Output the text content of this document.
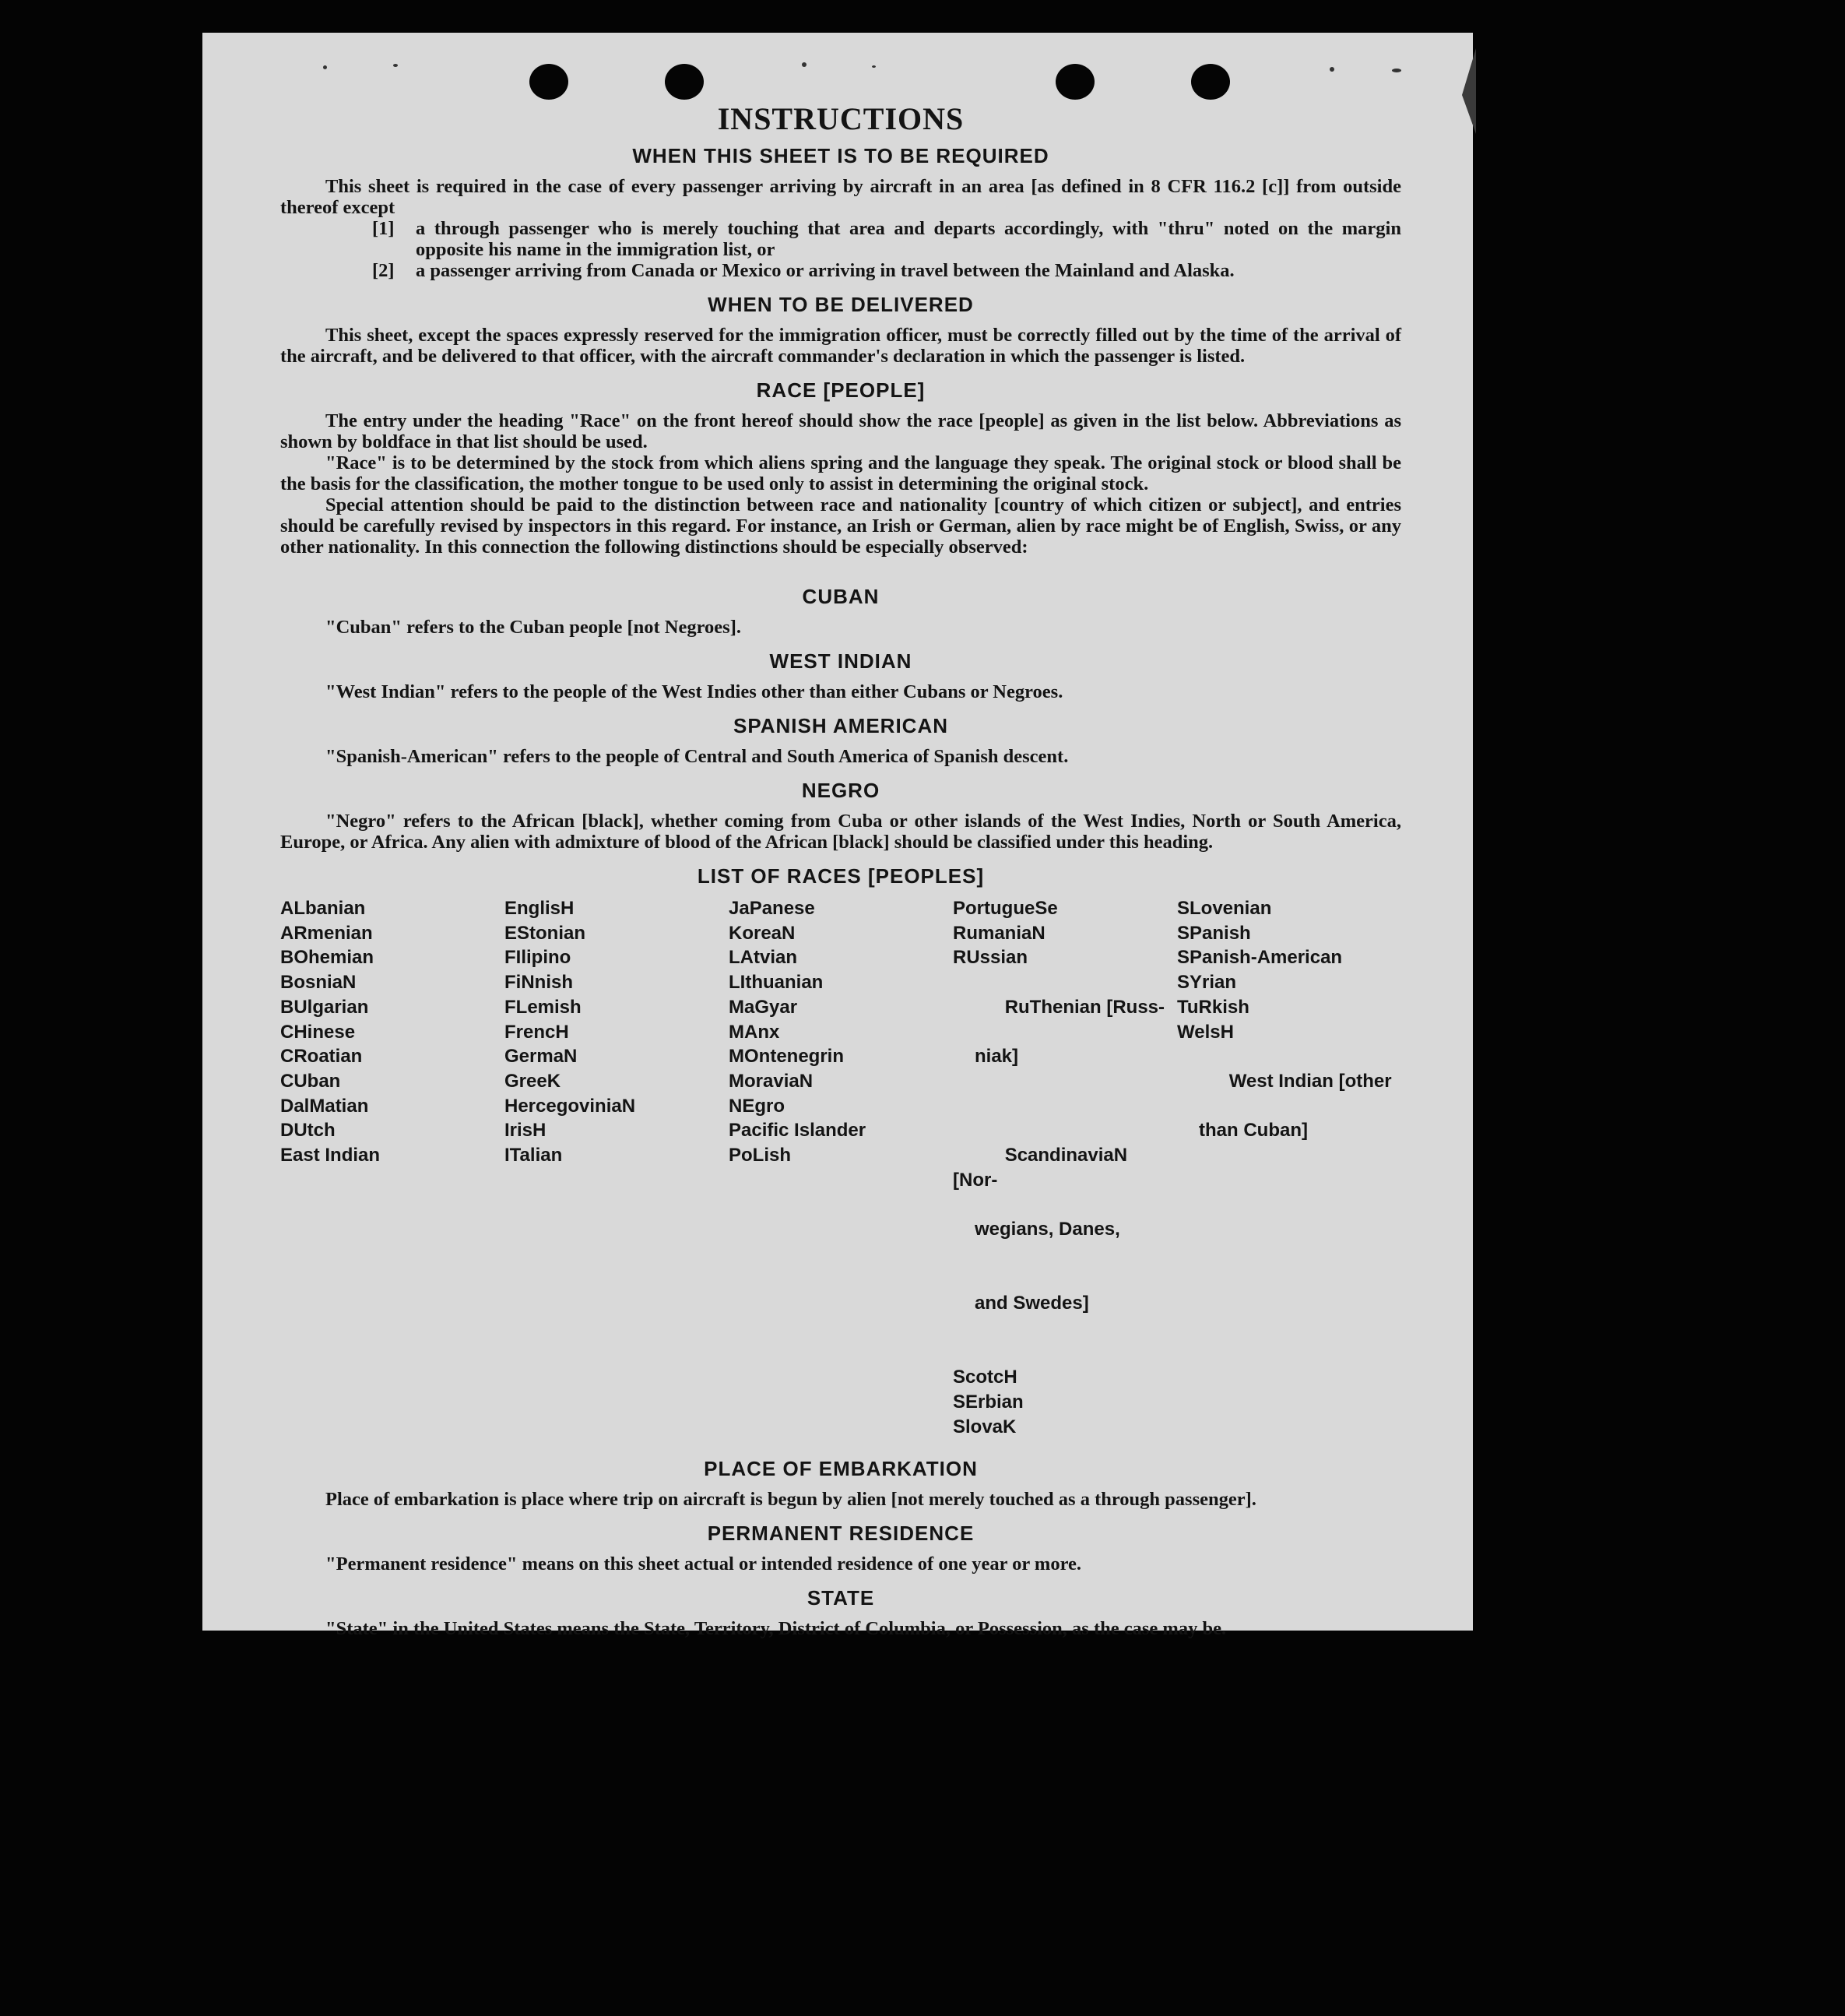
INSTRUCTIONS
WHEN THIS SHEET IS TO BE REQUIRED

This sheet is required in the case of every passenger arriving by aircraft in an area [as defined in 8 CFR 116.2 [c]] from outside thereof except

[1]	a through passenger who is merely touching that area and departs accordingly, with "thru" noted on the margin opposite his name in the immigration list, or
[2]	a passenger arriving from Canada or Mexico or arriving in travel between the Mainland and Alaska.
WHEN TO BE DELIVERED

This sheet, except the spaces expressly reserved for the immigration officer, must be correctly filled out by the time of the arrival of the aircraft, and be delivered to that officer, with the aircraft commander's declaration in which the passenger is listed.

RACE [PEOPLE]

The entry under the heading "Race" on the front hereof should show the race [people] as given in the list below. Abbreviations as shown by boldface in that list should be used.

"Race" is to be determined by the stock from which aliens spring and the language they speak. The original stock or blood shall be the basis for the classification, the mother tongue to be used only to assist in determining the original stock.

Special attention should be paid to the distinction between race and nationality [country of which citizen or subject], and entries should be carefully revised by inspectors in this regard. For instance, an Irish or German, alien by race might be of English, Swiss, or any other nationality. In this connection the following distinctions should be especially observed:

CUBAN

"Cuban" refers to the Cuban people [not Negroes].

WEST INDIAN

"West Indian" refers to the people of the West Indies other than either Cubans or Negroes.

SPANISH AMERICAN

"Spanish-American" refers to the people of Central and South America of Spanish descent.

NEGRO

"Negro" refers to the African [black], whether coming from Cuba or other islands of the West Indies, North or South America, Europe, or Africa. Any alien with admixture of blood of the African [black] should be classified under this heading.

LIST OF RACES [PEOPLES]
ALbanian
ARmenian
BOhemian
BosniaN
BUlgarian
CHinese
CRoatian
CUban
DalMatian
DUtch
East Indian
EnglisH
EStonian
FIlipino
FiNnish
FLemish
FrencH
GermaN
GreeK
HercegoviniaN
IrisH
ITalian
JaPanese
KoreaN
LAtvian
LIthuanian
MaGyar
MAnx
MOntenegrin
MoraviaN
NEgro
Pacific Islander
PoLish
PortugueSe
RumaniaN
RUssian

RuThenian [Russ-

niak]

ScandinaviaN [Nor-

wegians, Danes,

and Swedes]

ScotcH
SErbian
SlovaK
SLovenian
SPanish
SPanish-American
SYrian
TuRkish
WelsH

West Indian [other

than Cuban]

PLACE OF EMBARKATION

Place of embarkation is place where trip on aircraft is begun by alien [not merely touched as a through passenger].

PERMANENT RESIDENCE

"Permanent residence" means on this sheet actual or intended residence of one year or more.

STATE

"State" in the United States means the State, Territory, District of Columbia, or Possession, as the case may be.
